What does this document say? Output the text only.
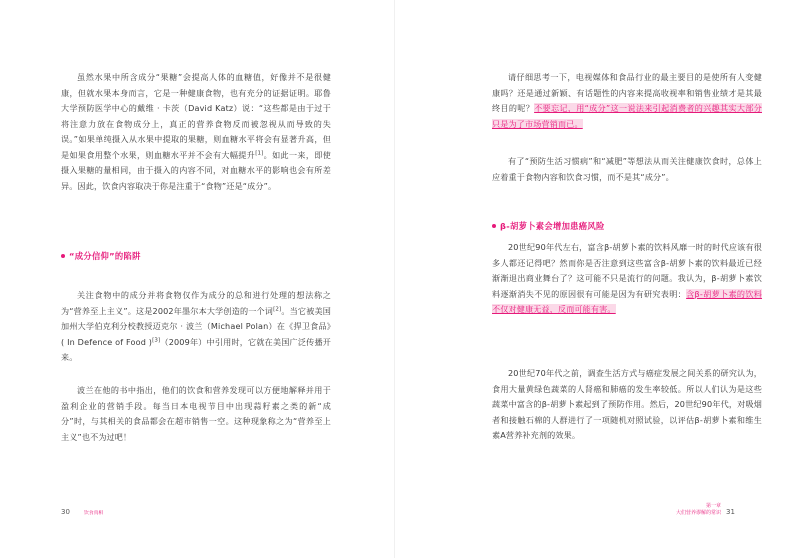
虽然水果中所含成分“果糖”会提高人体的血糖值，好像并不是很健康，但就水果本身而言，它是一种健康食物，也有充分的证据证明。耶鲁大学预防医学中心的戴维 · 卡茨（David Katz）说：“这些都是由于过于将注意力放在食物成分上，真正的营养食物反而被忽视从而导致的失误。”如果单纯摄入从水果中提取的果糖，则血糖水平将会有显著升高，但是如果食用整个水果，则血糖水平并不会有大幅提升[1]。如此一来，即使摄入果糖的量相同，由于摄入的内容不同，对血糖水平的影响也会有所差异。因此，饮食内容取决于你是注重于“食物”还是“成分”。

“成分信仰”的陷阱

关注食物中的成分并将食物仅作为成分的总和进行处理的想法称之为“营养至上主义”。这是2002年墨尔本大学创造的一个词[2]。当它被美国加州大学伯克利分校教授迈克尔 · 波兰（Michael Polan）在《捍卫食品》( In Defence of Food )[3]（2009年）中引用时，它就在美国广泛传播开来。

波兰在他的书中指出，他们的饮食和营养发现可以方便地解释并用于盈利企业的营销手段。每当日本电视节目中出现蒜籽素之类的新“成分”时，与其相关的食品都会在超市销售一空。这种现象称之为“营养至上主义”也不为过吧！

30	饮食真相

请仔细思考一下，电视媒体和食品行业的最主要目的是使所有人变健康吗？还是通过新颖、有话题性的内容来提高收视率和销售业绩才是其最终目的呢？不要忘记，用“成分”这一说法来引起消费者的兴趣其实大部分只是为了市场营销而已。

有了“预防生活习惯病”和“减肥”等想法从而关注健康饮食时，总体上应着重于食物内容和饮食习惯，而不是其“成分”。

β-胡萝卜素会增加患癌风险

20世纪90年代左右，富含β-胡萝卜素的饮料风靡一时的时代应该有很多人都还记得吧？然而你是否注意到这些富含β-胡萝卜素的饮料最近已经渐渐退出商业舞台了？这可能不只是流行的问题。我认为，β-胡萝卜素饮料逐渐消失不见的原因很有可能是因为有研究表明：含β-胡萝卜素的饮料不仅对健康无益，反而可能有害。

20世纪70年代之前，调查生活方式与癌症发展之间关系的研究认为，食用大量黄绿色蔬菜的人肾癌和肺癌的发生率较低。所以人们认为是这些蔬菜中富含的β-胡萝卜素起到了预防作用。然后，20世纪90年代，对吸烟者和接触石棉的人群进行了一项随机对照试验，以评估β-胡萝卜素和维生素A营养补充剂的效果。

第一章
大们营养谬解的常识 31
